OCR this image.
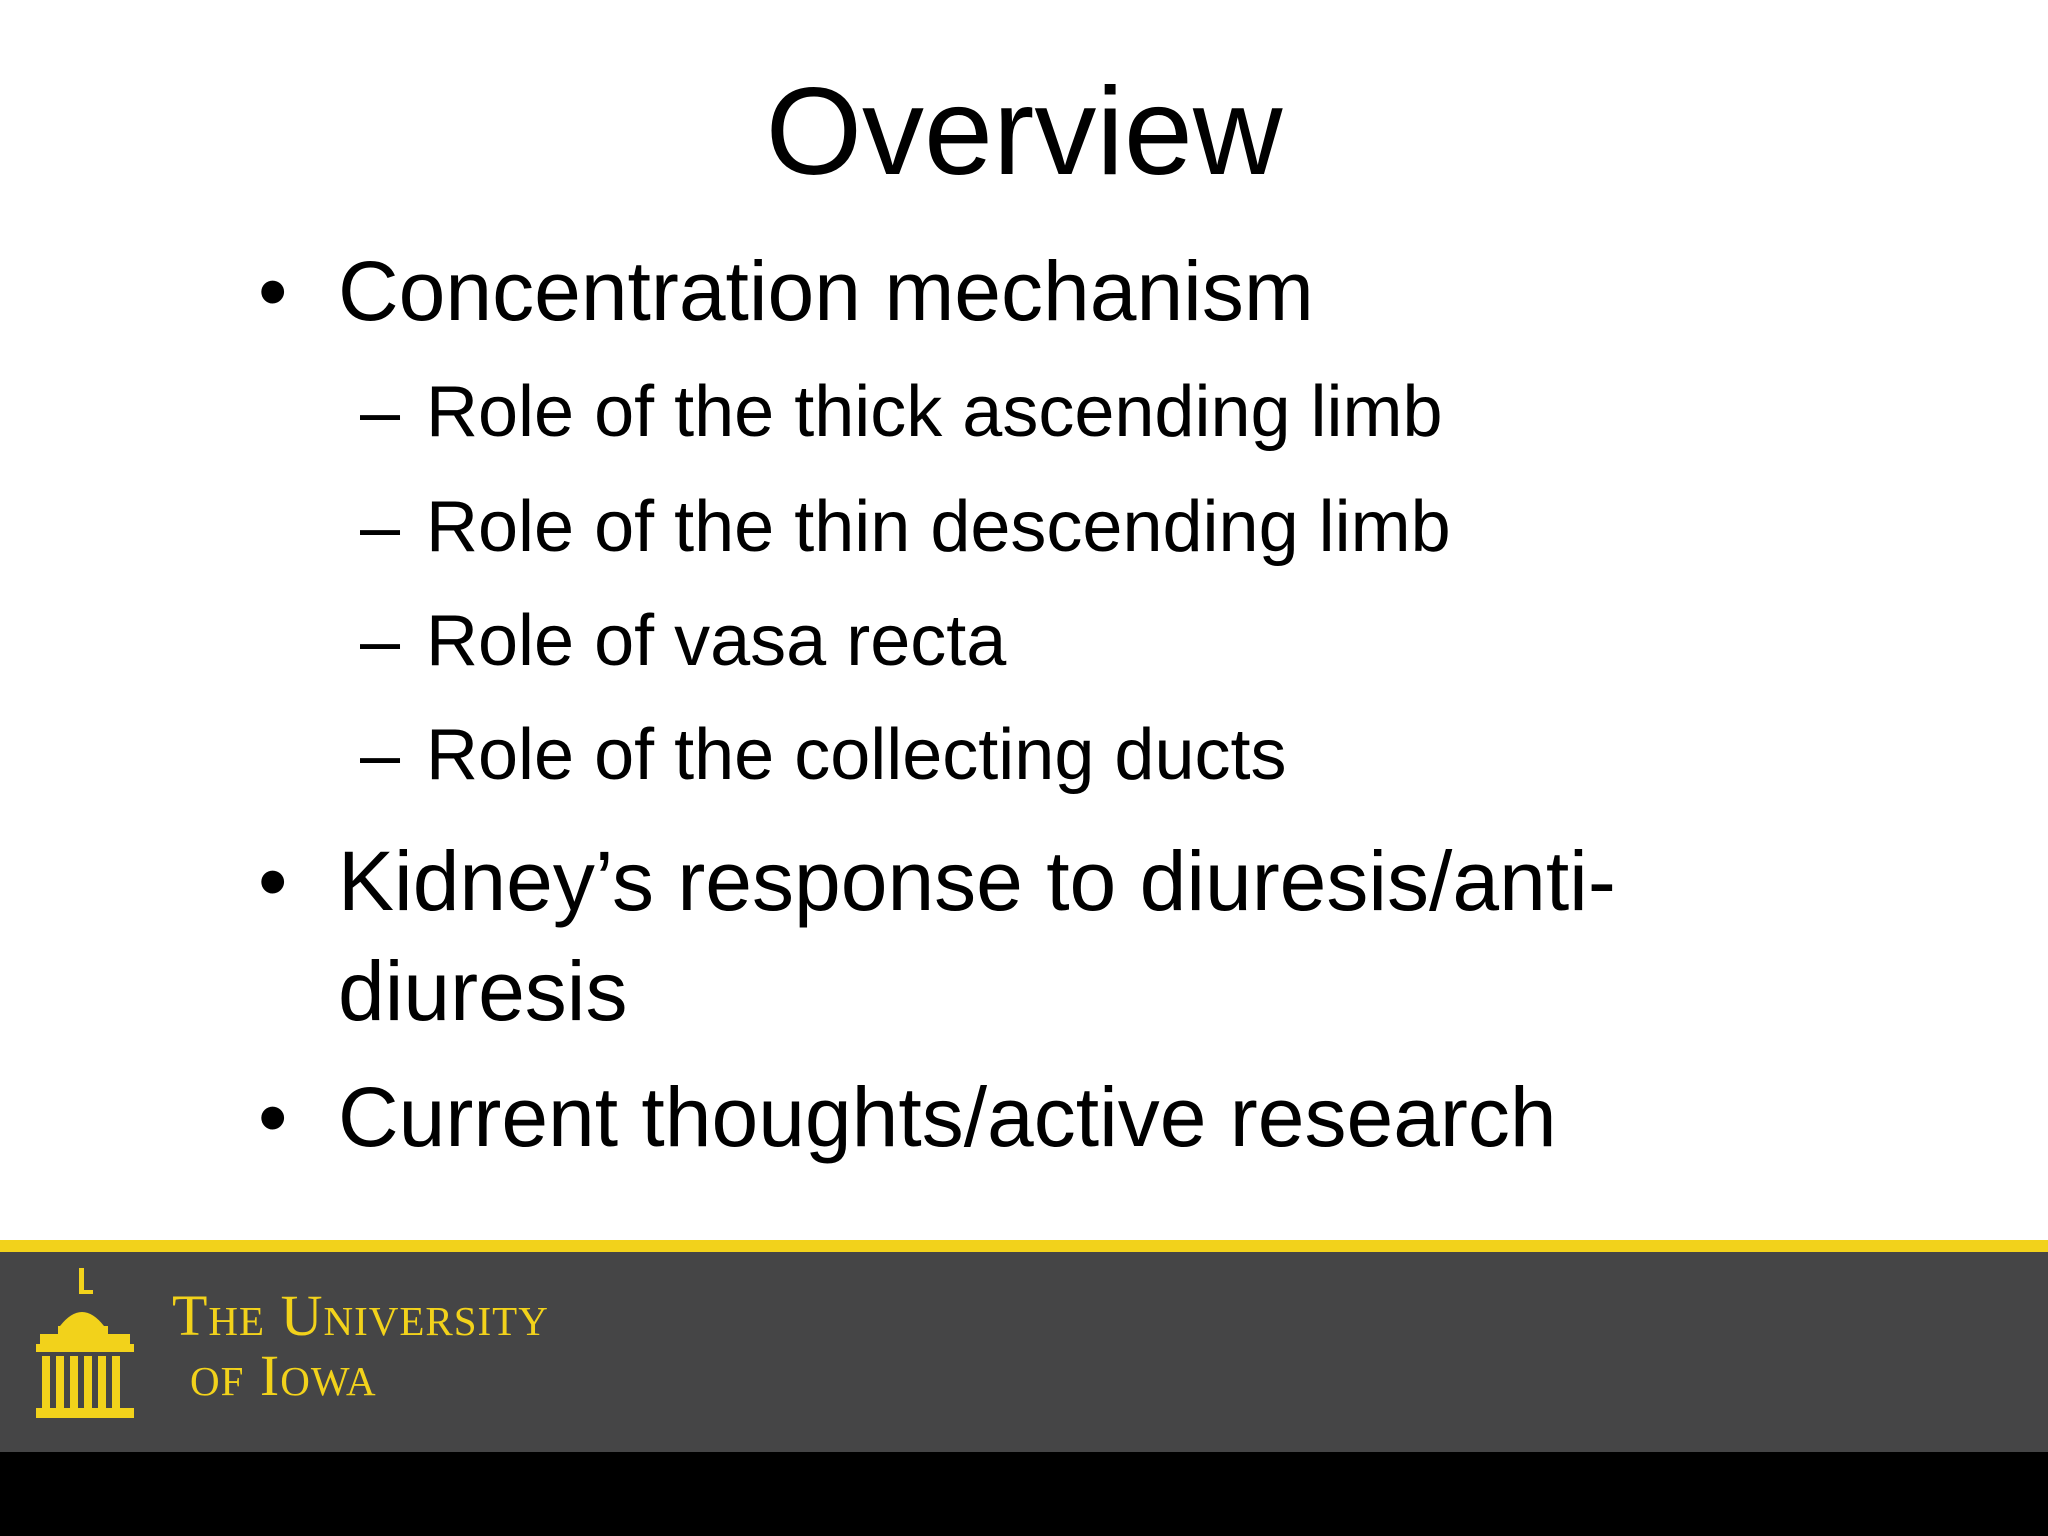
Overview
• Concentration mechanism
– Role of the thick ascending limb
– Role of the thin descending limb
– Role of vasa recta
– Role of the collecting ducts
• Kidney’s response to diuresis/anti-diuresis
• Current thoughts/active research
The University
of Iowa
